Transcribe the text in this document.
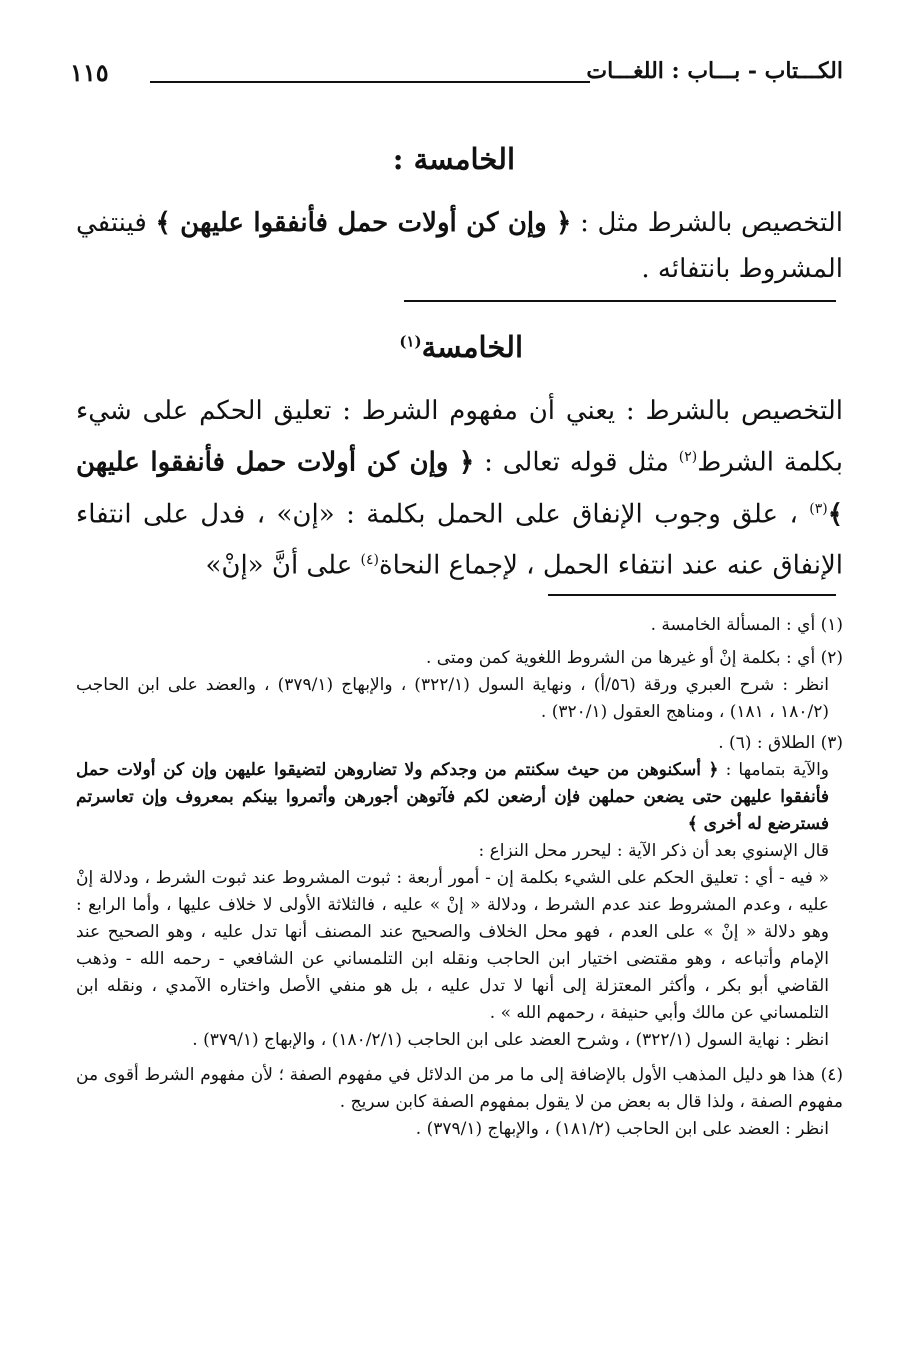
الكـــتاب - بـــاب : اللغـــات
١١٥
الخامسة :
التخصيص بالشرط مثل : ﴿ وإن كن أولات حمل فأنفقوا عليهن ﴾ فينتفي المشروط بانتفائه .
الخامسة$^{(١)}$
التخصيص بالشرط : يعني أن مفهوم الشرط : تعليق الحكم على شيء بكلمة الشرط$^{(٢)}$ مثل قوله تعالى : ﴿ وإن كن أولات حمل فأنفقوا عليهن ﴾$^{(٣)}$ ، علق وجوب الإنفاق على الحمل بكلمة : «إن» ، فدل على انتفاء الإنفاق عنه عند انتفاء الحمل ، لإجماع النحاة$^{(٤)}$ على أنَّ «إنْ»

(١) أي : المسألة الخامسة .

(٢) أي : بكلمة إنْ أو غيرها من الشروط اللغوية كمن ومتى .

انظر : شرح العبري ورقة (٥٦/أ) ، ونهاية السول (٣٢٢/١) ، والإبهاج (٣٧٩/١) ، والعضد على ابن الحاجب (١٨٠/٢ ، ١٨١) ، ومناهج العقول (٣٢٠/١) .

(٣) الطلاق : (٦) .

والآية بتمامها : ﴿ أسكنوهن من حيث سكنتم من وجدكم ولا تضاروهن لتضيقوا عليهن وإن كن أولات حمل فأنفقوا عليهن حتى يضعن حملهن فإن أرضعن لكم فآتوهن أجورهن وأتمروا بينكم بمعروف وإن تعاسرتم فسترضع له أخرى ﴾

قال الإسنوي بعد أن ذكر الآية : ليحرر محل النزاع :

« فيه - أي : تعليق الحكم على الشيء بكلمة إن - أمور أربعة : ثبوت المشروط عند ثبوت الشرط ، ودلالة إنْ عليه ، وعدم المشروط عند عدم الشرط ، ودلالة « إنْ » عليه ، فالثلاثة الأولى لا خلاف عليها ، وأما الرابع : وهو دلالة « إنْ » على العدم ، فهو محل الخلاف والصحيح عند المصنف أنها تدل عليه ، وهو الصحيح عند الإمام وأتباعه ، وهو مقتضى اختيار ابن الحاجب ونقله ابن التلمساني عن الشافعي - رحمه الله - وذهب القاضي أبو بكر ، وأكثر المعتزلة إلى أنها لا تدل عليه ، بل هو منفي الأصل واختاره الآمدي ، ونقله ابن التلمساني عن مالك وأبي حنيفة ، رحمهم الله » .

انظر : نهاية السول (٣٢٢/١) ، وشرح العضد على ابن الحاجب (١٨٠/٢/١) ، والإبهاج (٣٧٩/١) .

(٤) هذا هو دليل المذهب الأول بالإضافة إلى ما مر من الدلائل في مفهوم الصفة ؛ لأن مفهوم الشرط أقوى من مفهوم الصفة ، ولذا قال به بعض من لا يقول بمفهوم الصفة كابن سريج .

انظر : العضد على ابن الحاجب (١٨١/٢) ، والإبهاج (٣٧٩/١) .
